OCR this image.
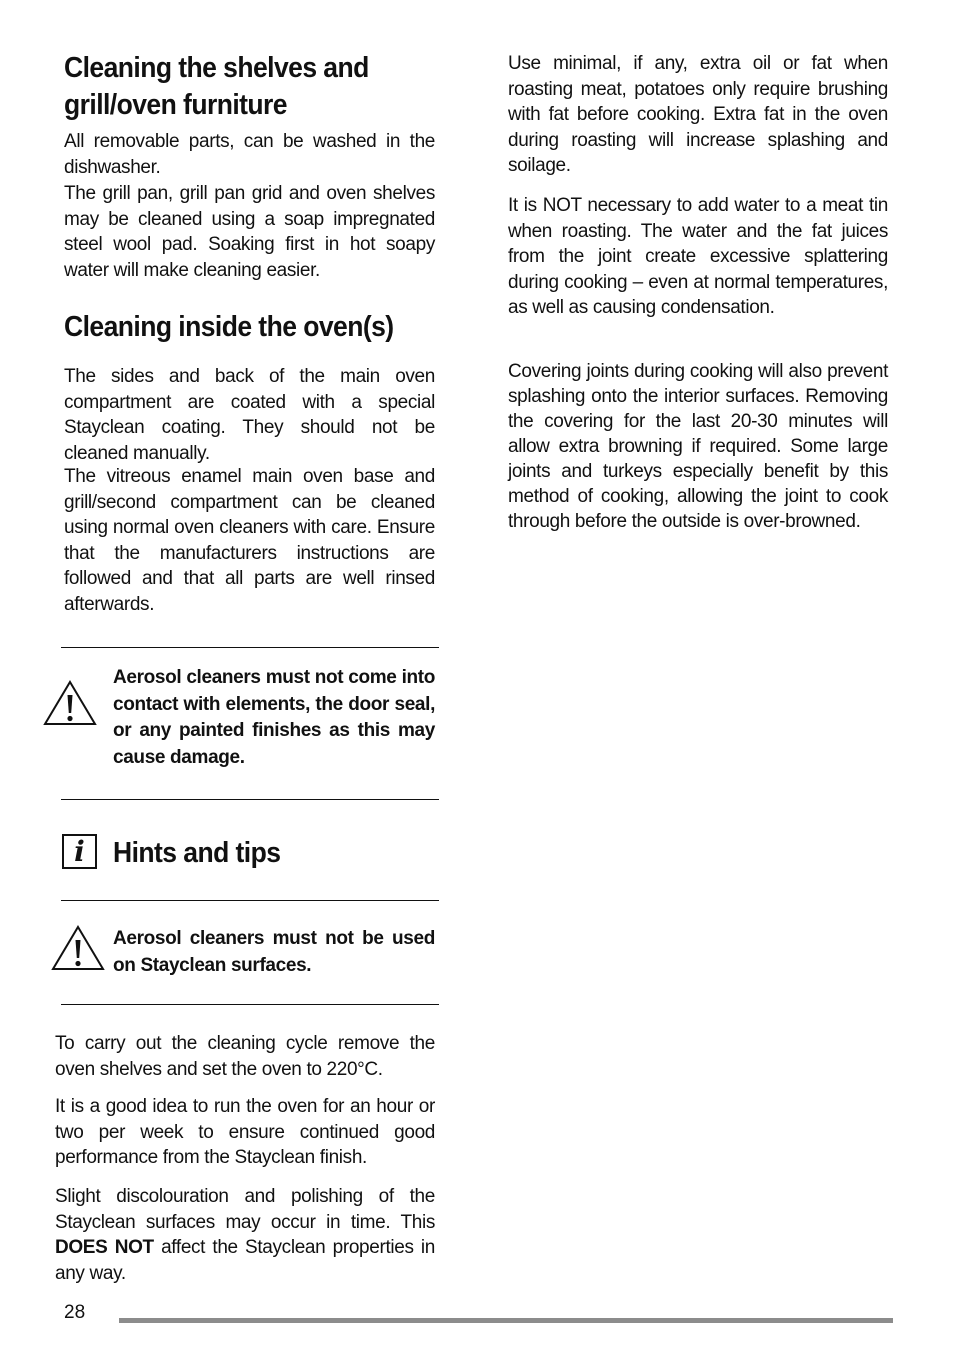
Cleaning the shelves and
grill/oven furniture

All removable parts, can be washed in the dishwasher.

The grill pan, grill pan grid and oven shelves may be cleaned using a soap impregnated steel wool pad. Soaking first in hot soapy water will make cleaning easier.

Cleaning inside the oven(s)

The sides and back of the main oven compartment are coated with a special Stayclean coating. They should not be cleaned manually.

The vitreous enamel main oven base and grill/second compartment can be cleaned using normal oven cleaners with care. Ensure that the manufacturers instructions are followed and that all parts are well rinsed afterwards.

Aerosol cleaners must not come into contact with elements, the door seal, or any painted finishes as this may cause damage.

i Hints and tips

Aerosol cleaners must not be used on Stayclean surfaces.

To carry out the cleaning cycle remove the oven shelves and set the oven to 220°C.

It is a good idea to run the oven for an hour or two per week to ensure continued good performance from the Stayclean finish.

Slight discolouration and polishing of the Stayclean surfaces may occur in time. This DOES NOT affect the Stayclean properties in any way.

Use minimal, if any, extra oil or fat when roasting meat, potatoes only require brushing with fat before cooking. Extra fat in the oven during roasting will increase splashing and soilage.

It is NOT necessary to add water to a meat tin when roasting. The water and the fat juices from the joint create excessive splattering during cooking – even at normal temperatures, as well as causing condensation.

Covering joints during cooking will also prevent splashing onto the interior surfaces. Removing the covering for the last 20-30 minutes will allow extra browning if required. Some large joints and turkeys especially benefit by this method of cooking, allowing the joint to cook through before the outside is over-browned.

28
